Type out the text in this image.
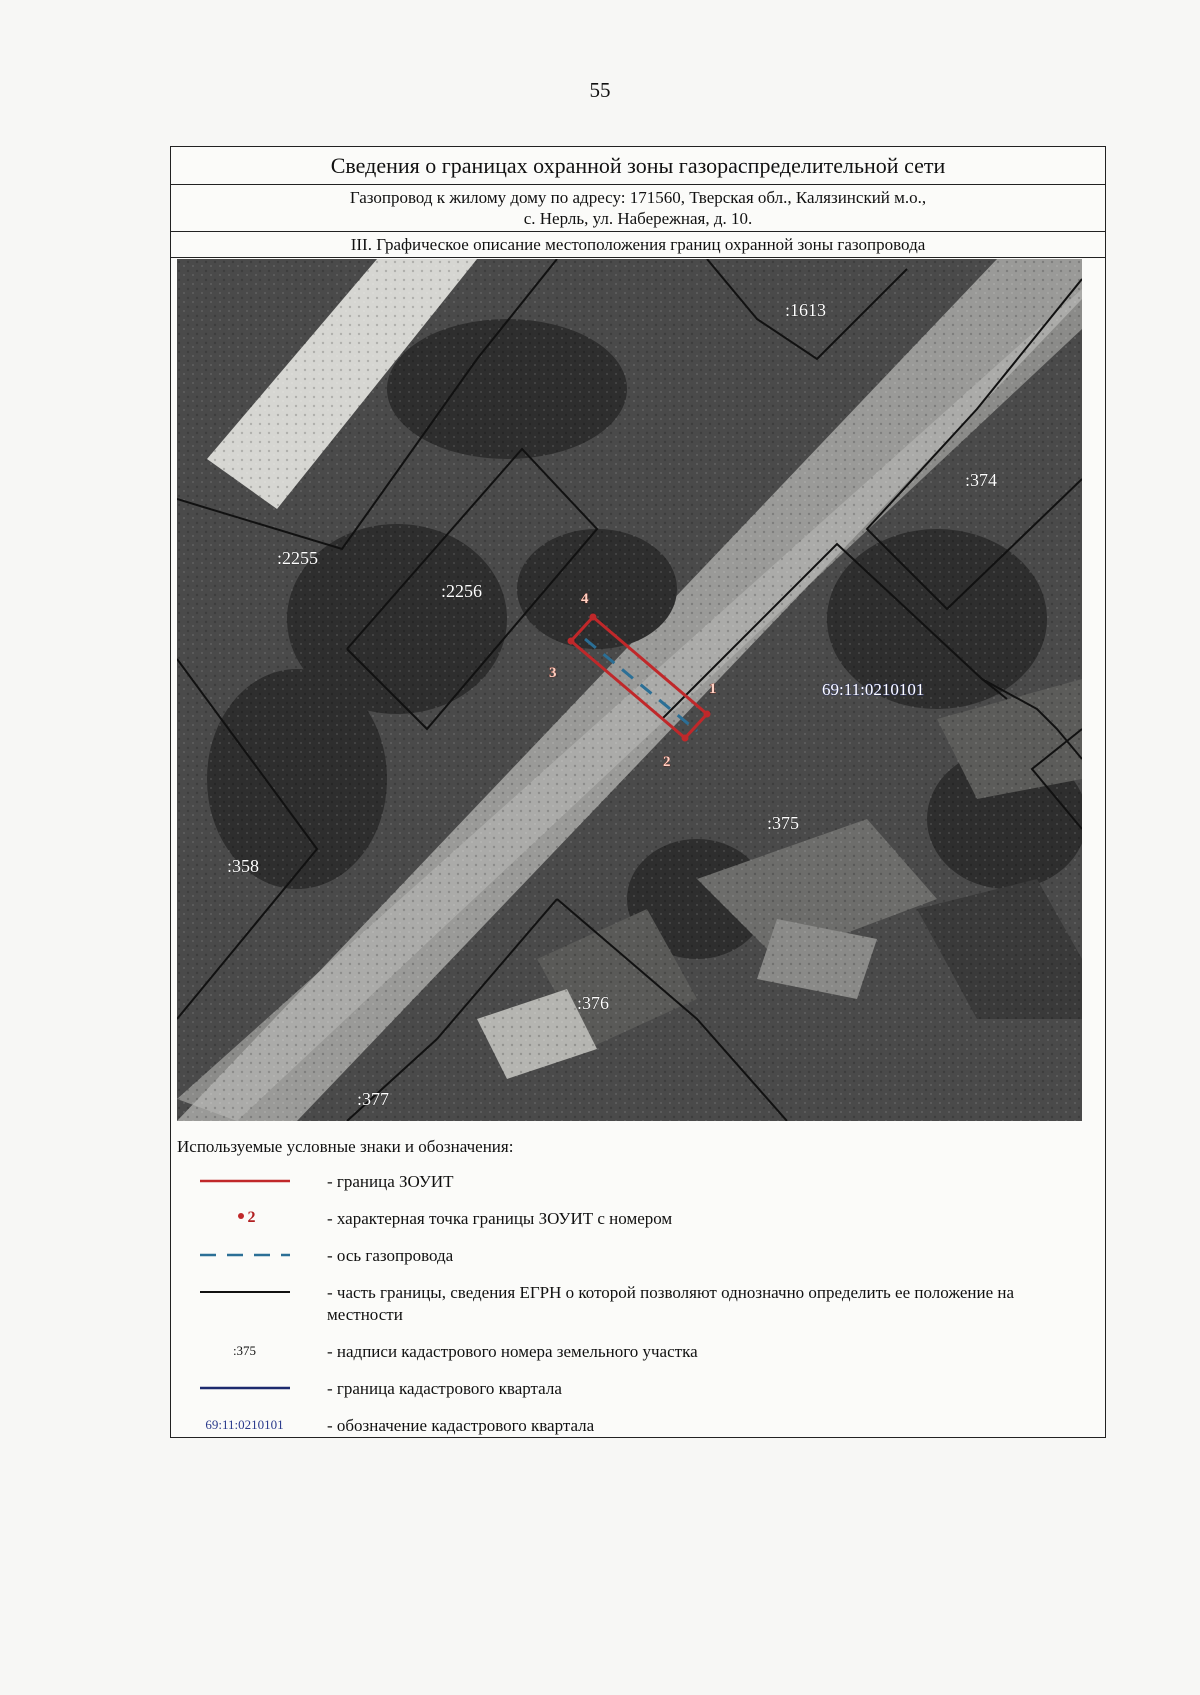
55
Сведения о границах охранной зоны газораспределительной сети
Газопровод к жилому дому по адресу: 171560, Тверская обл., Калязинский м.о.,
с. Нерль, ул. Набережная, д. 10.
III. Графическое описание местоположения границ охранной зоны газопровода
1
2
3
4
:1613
:374
:2255
:2256
:358
:375
:376
:377
69:11:0210101
Используемые условные знаки и обозначения:
- граница ЗОУИТ
2	- характерная точка границы ЗОУИТ с номером
- ось газопровода
- часть границы, сведения ЕГРН о которой позволяют однозначно определить ее положение на местности
:375	- надписи кадастрового номера земельного участка
- граница кадастрового квартала
69:11:0210101	- обозначение кадастрового квартала
